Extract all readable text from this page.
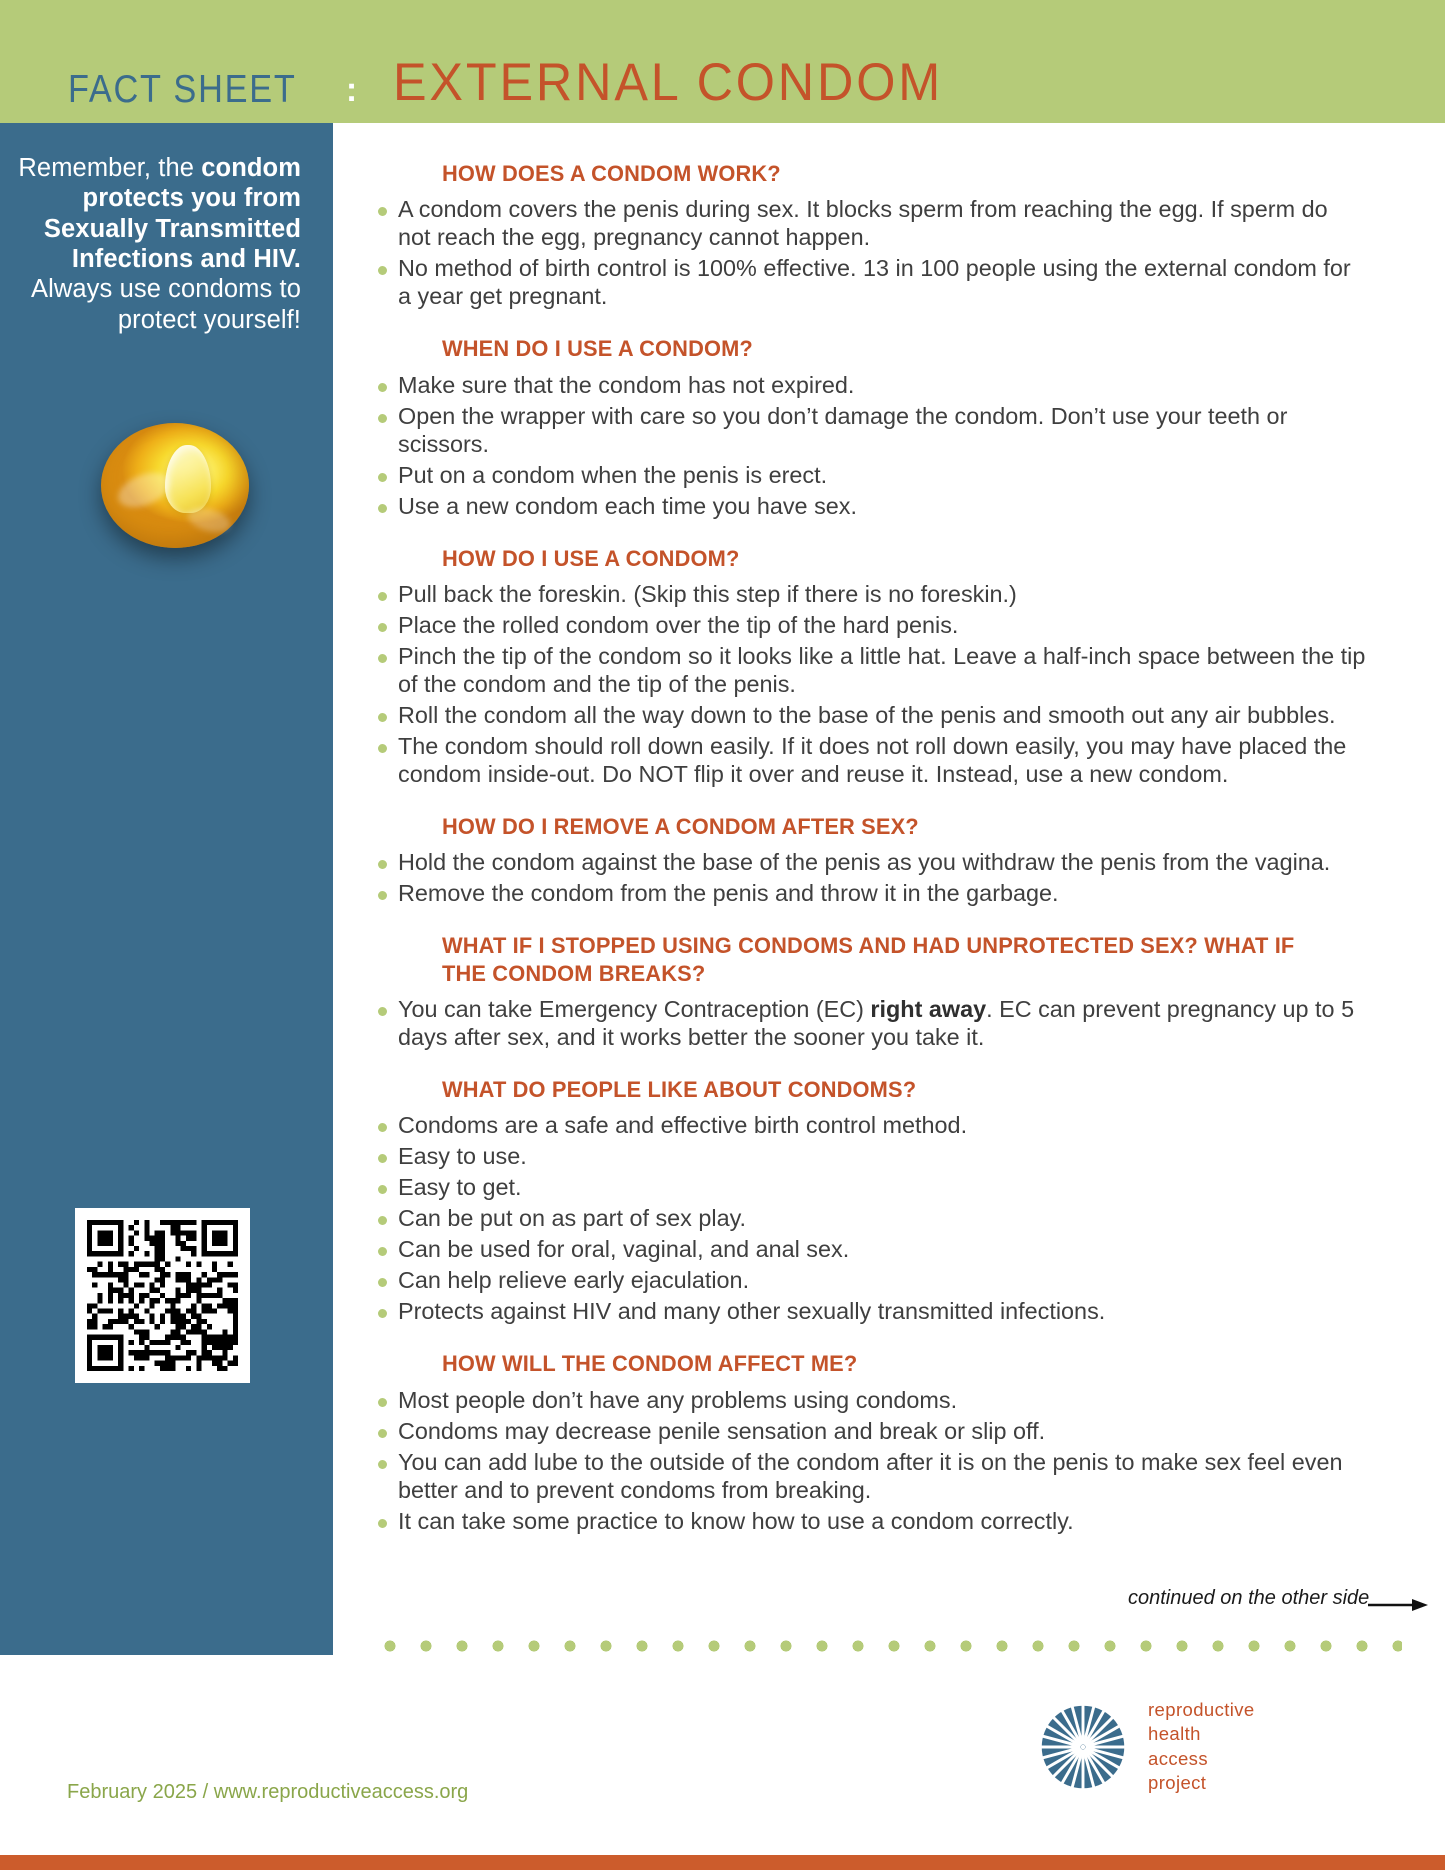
FACT SHEET : EXTERNAL CONDOM
Remember, the condom protects you from Sexually Transmitted Infections and HIV. Always use condoms to protect yourself!
HOW DOES A CONDOM WORK?
A condom covers the penis during sex. It blocks sperm from reaching the egg. If sperm do not reach the egg, pregnancy cannot happen.
No method of birth control is 100% effective. 13 in 100 people using the external condom for a year get pregnant.
WHEN DO I USE A CONDOM?
Make sure that the condom has not expired.
Open the wrapper with care so you don’t damage the condom. Don’t use your teeth or scissors.
Put on a condom when the penis is erect.
Use a new condom each time you have sex.
HOW DO I USE A CONDOM?
Pull back the foreskin. (Skip this step if there is no foreskin.)
Place the rolled condom over the tip of the hard penis.
Pinch the tip of the condom so it looks like a little hat. Leave a half-inch space between the tip of the condom and the tip of the penis.
Roll the condom all the way down to the base of the penis and smooth out any air bubbles.
The condom should roll down easily. If it does not roll down easily, you may have placed the condom inside-out. Do NOT flip it over and reuse it. Instead, use a new condom.
HOW DO I REMOVE A CONDOM AFTER SEX?
Hold the condom against the base of the penis as you withdraw the penis from the vagina.
Remove the condom from the penis and throw it in the garbage.
WHAT IF I STOPPED USING CONDOMS AND HAD UNPROTECTED SEX? WHAT IF THE CONDOM BREAKS?
You can take Emergency Contraception (EC) right away. EC can prevent pregnancy up to 5 days after sex, and it works better the sooner you take it.
WHAT DO PEOPLE LIKE ABOUT CONDOMS?
Condoms are a safe and effective birth control method.
Easy to use.
Easy to get.
Can be put on as part of sex play.
Can be used for oral, vaginal, and anal sex.
Can help relieve early ejaculation.
Protects against HIV and many other sexually transmitted infections.
HOW WILL THE CONDOM AFFECT ME?
Most people don’t have any problems using condoms.
Condoms may decrease penile sensation and break or slip off.
You can add lube to the outside of the condom after it is on the penis to make sex feel even better and to prevent condoms from breaking.
It can take some practice to know how to use a condom correctly.
continued on the other side
reproductive
health
access
project
February 2025 / www.reproductiveaccess.org
